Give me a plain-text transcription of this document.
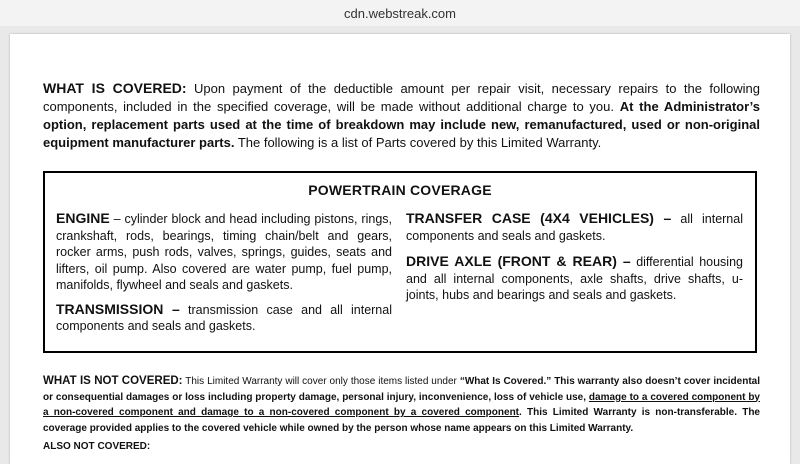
cdn.webstreak.com
WHAT IS COVERED: Upon payment of the deductible amount per repair visit, necessary repairs to the following components, included in the specified coverage, will be made without additional charge to you. At the Administrator’s option, replacement parts used at the time of breakdown may include new, remanufactured, used or non-original equipment manufacturer parts. The following is a list of Parts covered by this Limited Warranty.
POWERTRAIN COVERAGE
ENGINE – cylinder block and head including pistons, rings, crankshaft, rods, bearings, timing chain/belt and gears, rocker arms, push rods, valves, springs, guides, seats and lifters, oil pump. Also covered are water pump, fuel pump, manifolds, flywheel and seals and gaskets.
TRANSMISSION – transmission case and all internal components and seals and gaskets.
TRANSFER CASE (4X4 VEHICLES) – all internal components and seals and gaskets.
DRIVE AXLE (FRONT & REAR) – differential housing and all internal components, axle shafts, drive shafts, u-joints, hubs and bearings and seals and gaskets.
WHAT IS NOT COVERED: This Limited Warranty will cover only those items listed under “What Is Covered.” This warranty also doesn’t cover incidental or consequential damages or loss including property damage, personal injury, inconvenience, loss of vehicle use, damage to a covered component by a non-covered component and damage to a non-covered component by a covered component. This Limited Warranty is non-transferable. The coverage provided applies to the covered vehicle while owned by the person whose name appears on this Limited Warranty.
ALSO NOT COVERED:
